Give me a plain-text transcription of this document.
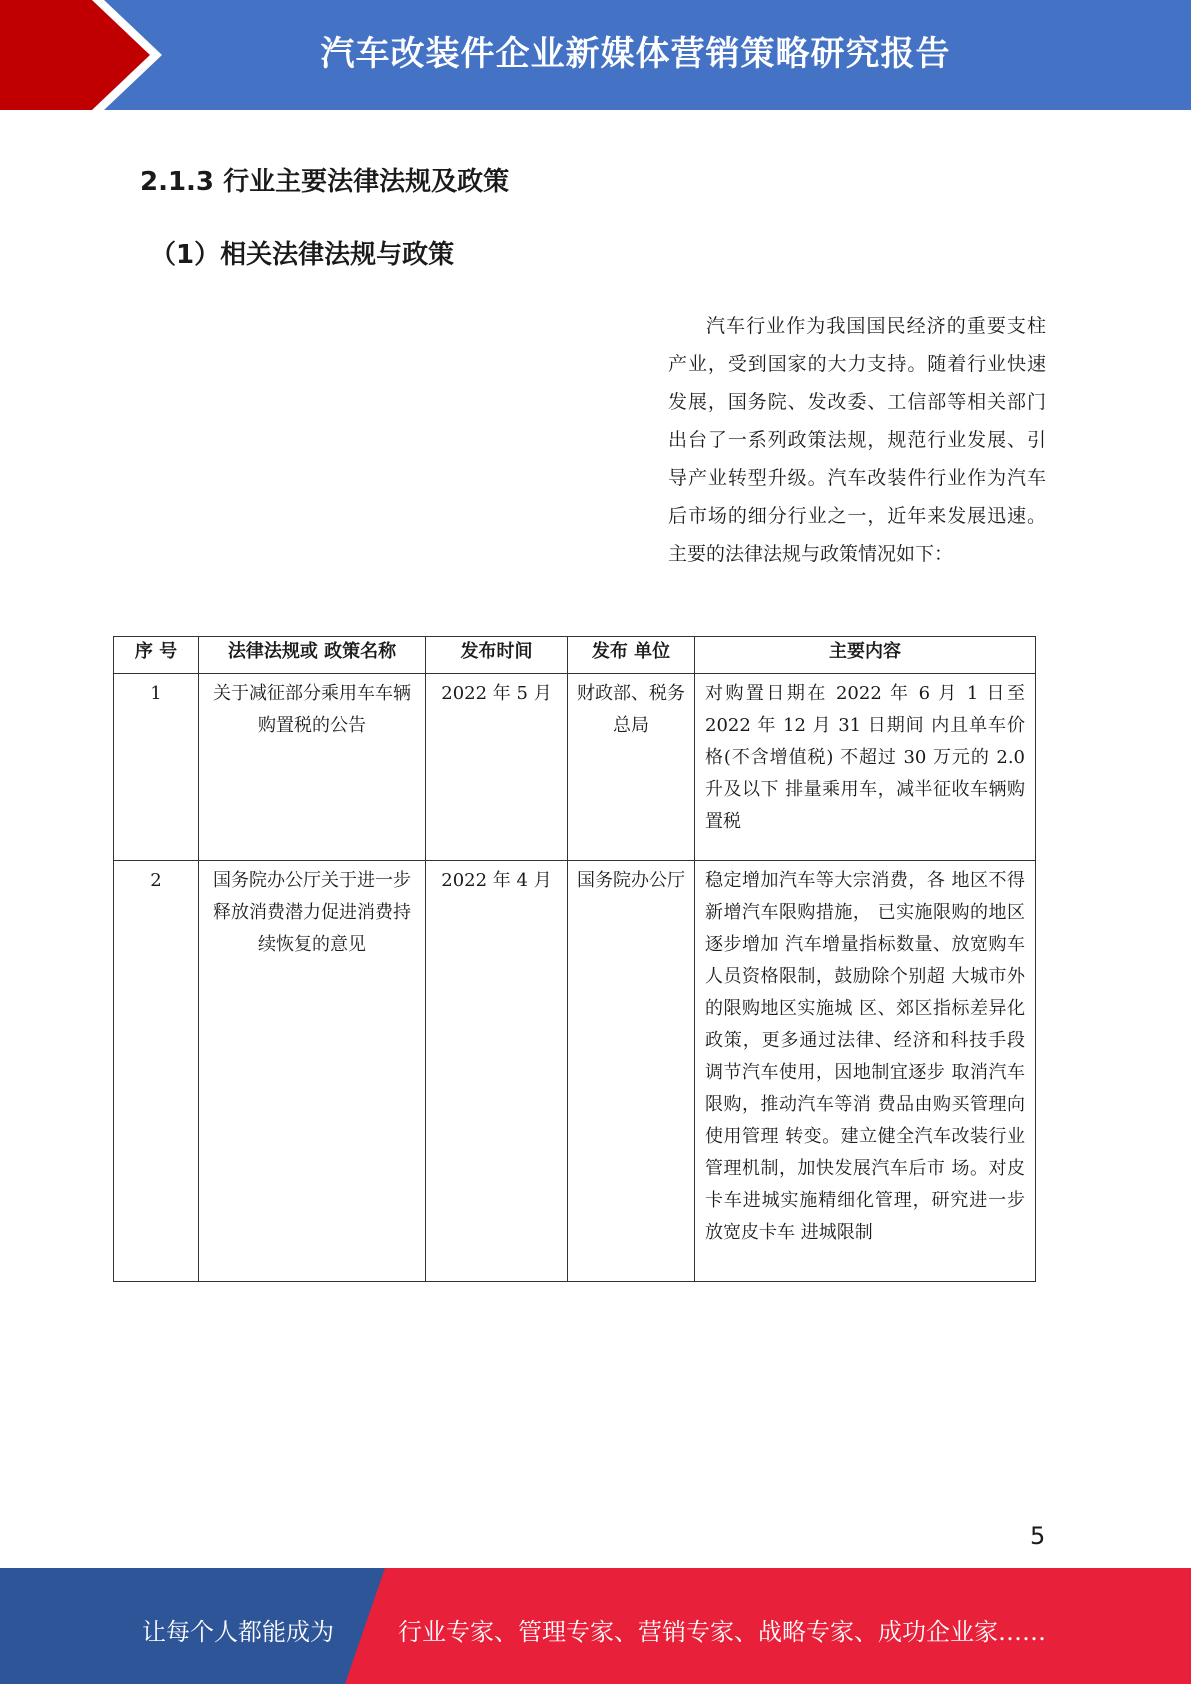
汽车改装件企业新媒体营销策略研究报告
2.1.3 行业主要法律法规及政策
（1）相关法律法规与政策

汽车行业作为我国国民经济的重要支柱产业，受到国家的大力支持。随着行业快速发展，国务院、发改委、工信部等相关部门出台了一系列政策法规，规范行业发展、引导产业转型升级。汽车改装件行业作为汽车后市场的细分行业之一，近年来发展迅速。主要的法律法规与政策情况如下：

序 号	法律法规或 政策名称	发布时间	发布 单位	主要内容

1	关于减征部分乘用车车辆购置税的公告	2022 年 5 月	财政部、税务总局	对购置日期在 2022 年 6 月 1 日至 2022 年 12 月 31 日期间 内且单车价格(不含增值税) 不超过 30 万元的 2.0 升及以下 排量乘用车，减半征收车辆购 置税

2	国务院办公厅关于进一步释放消费潜力促进消费持续恢复的意见	2022 年 4 月	国务院办公厅	稳定增加汽车等大宗消费，各 地区不得新增汽车限购措施， 已实施限购的地区逐步增加 汽车增量指标数量、放宽购车 人员资格限制，鼓励除个别超 大城市外的限购地区实施城 区、郊区指标差异化政策，更多通过法律、经济和科技手段 调节汽车使用，因地制宜逐步 取消汽车限购，推动汽车等消 费品由购买管理向使用管理 转变。建立健全汽车改装行业 管理机制，加快发展汽车后市 场。对皮卡车进城实施精细化管理，研究进一步放宽皮卡车 进城限制
5
让每个人都能成为	行业专家、管理专家、营销专家、战略专家、成功企业家……
